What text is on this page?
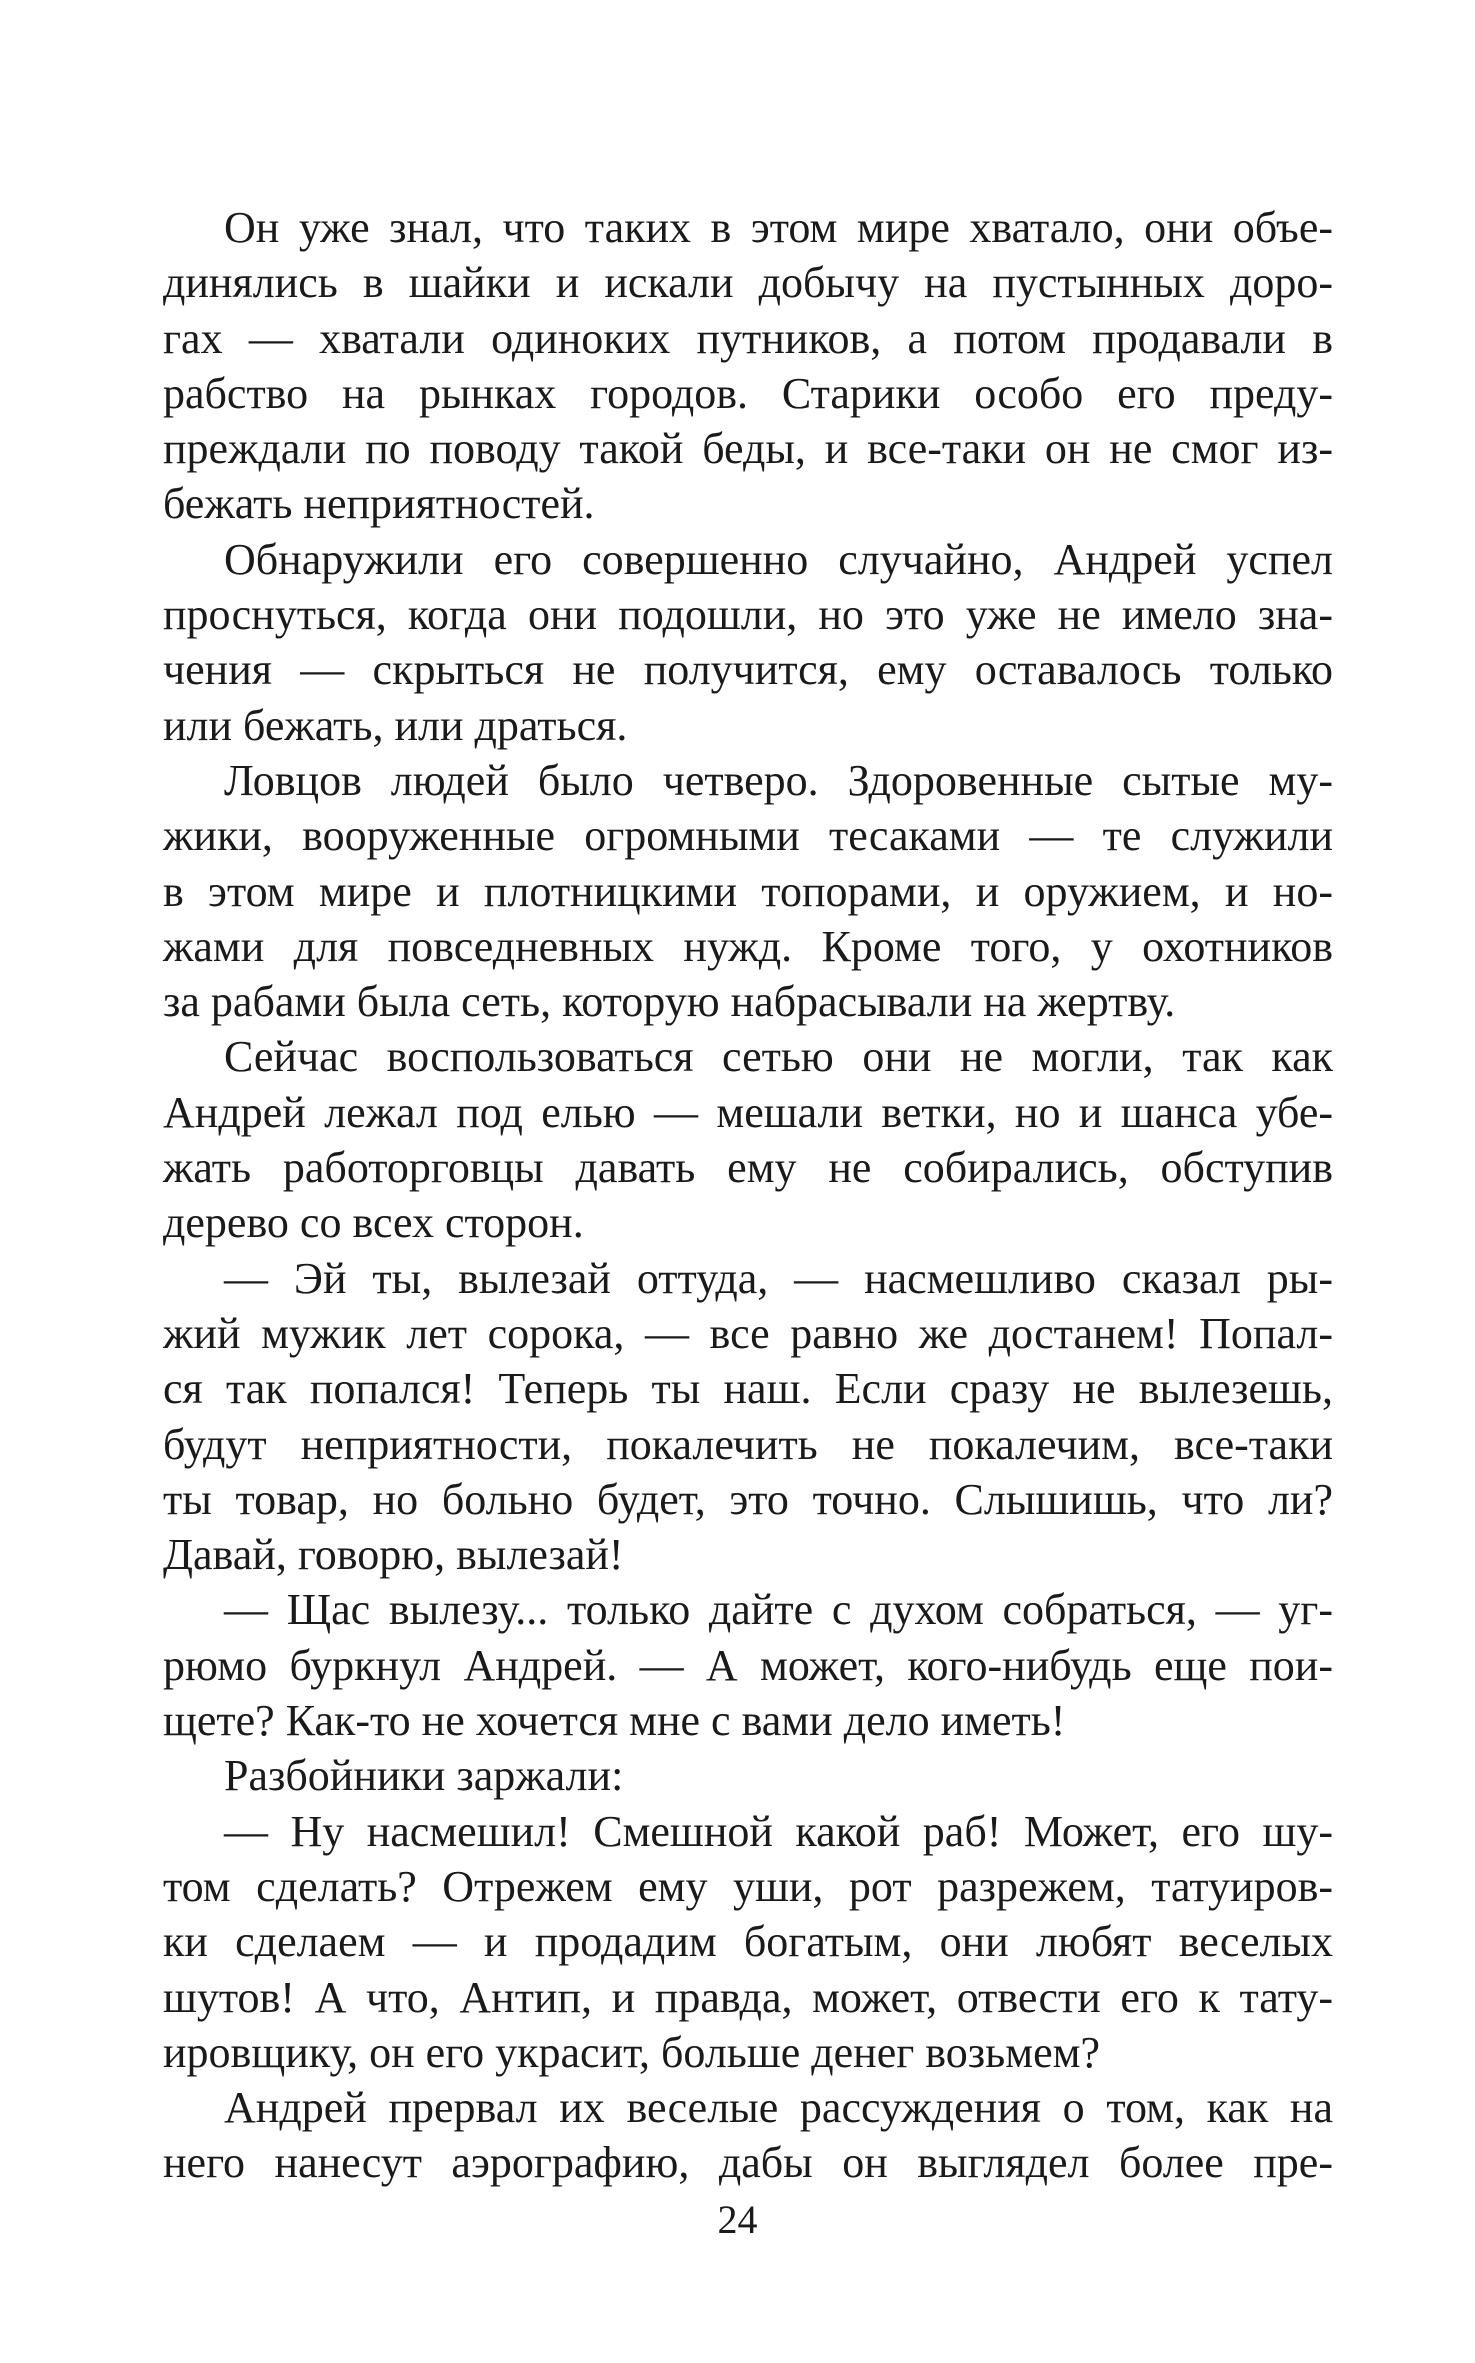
Он уже знал, что таких в этом мире хватало, они объе-
динялись в шайки и искали добычу на пустынных доро-
гах — хватали одиноких путников, а потом продавали в
рабство на рынках городов. Старики особо его преду-
преждали по поводу такой беды, и все-таки он не смог из-
бежать неприятностей.
Обнаружили его совершенно случайно, Андрей успел
проснуться, когда они подошли, но это уже не имело зна-
чения — скрыться не получится, ему оставалось только
или бежать, или драться.
Ловцов людей было четверо. Здоровенные сытые му-
жики, вооруженные огромными тесаками — те служили
в этом мире и плотницкими топорами, и оружием, и но-
жами для повседневных нужд. Кроме того, у охотников
за рабами была сеть, которую набрасывали на жертву.
Сейчас воспользоваться сетью они не могли, так как
Андрей лежал под елью — мешали ветки, но и шанса убе-
жать работорговцы давать ему не собирались, обступив
дерево со всех сторон.
— Эй ты, вылезай оттуда, — насмешливо сказал ры-
жий мужик лет сорока, — все равно же достанем! Попал-
ся так попался! Теперь ты наш. Если сразу не вылезешь,
будут неприятности, покалечить не покалечим, все-таки
ты товар, но больно будет, это точно. Слышишь, что ли?
Давай, говорю, вылезай!
— Щас вылезу... только дайте с духом собраться, — уг-
рюмо буркнул Андрей. — А может, кого-нибудь еще пои-
щете? Как-то не хочется мне с вами дело иметь!
Разбойники заржали:
— Ну насмешил! Смешной какой раб! Может, его шу-
том сделать? Отрежем ему уши, рот разрежем, татуиров-
ки сделаем — и продадим богатым, они любят веселых
шутов! А что, Антип, и правда, может, отвести его к тату-
ировщику, он его украсит, больше денег возьмем?
Андрей прервал их веселые рассуждения о том, как на
него нанесут аэрографию, дабы он выглядел более пре-
24
